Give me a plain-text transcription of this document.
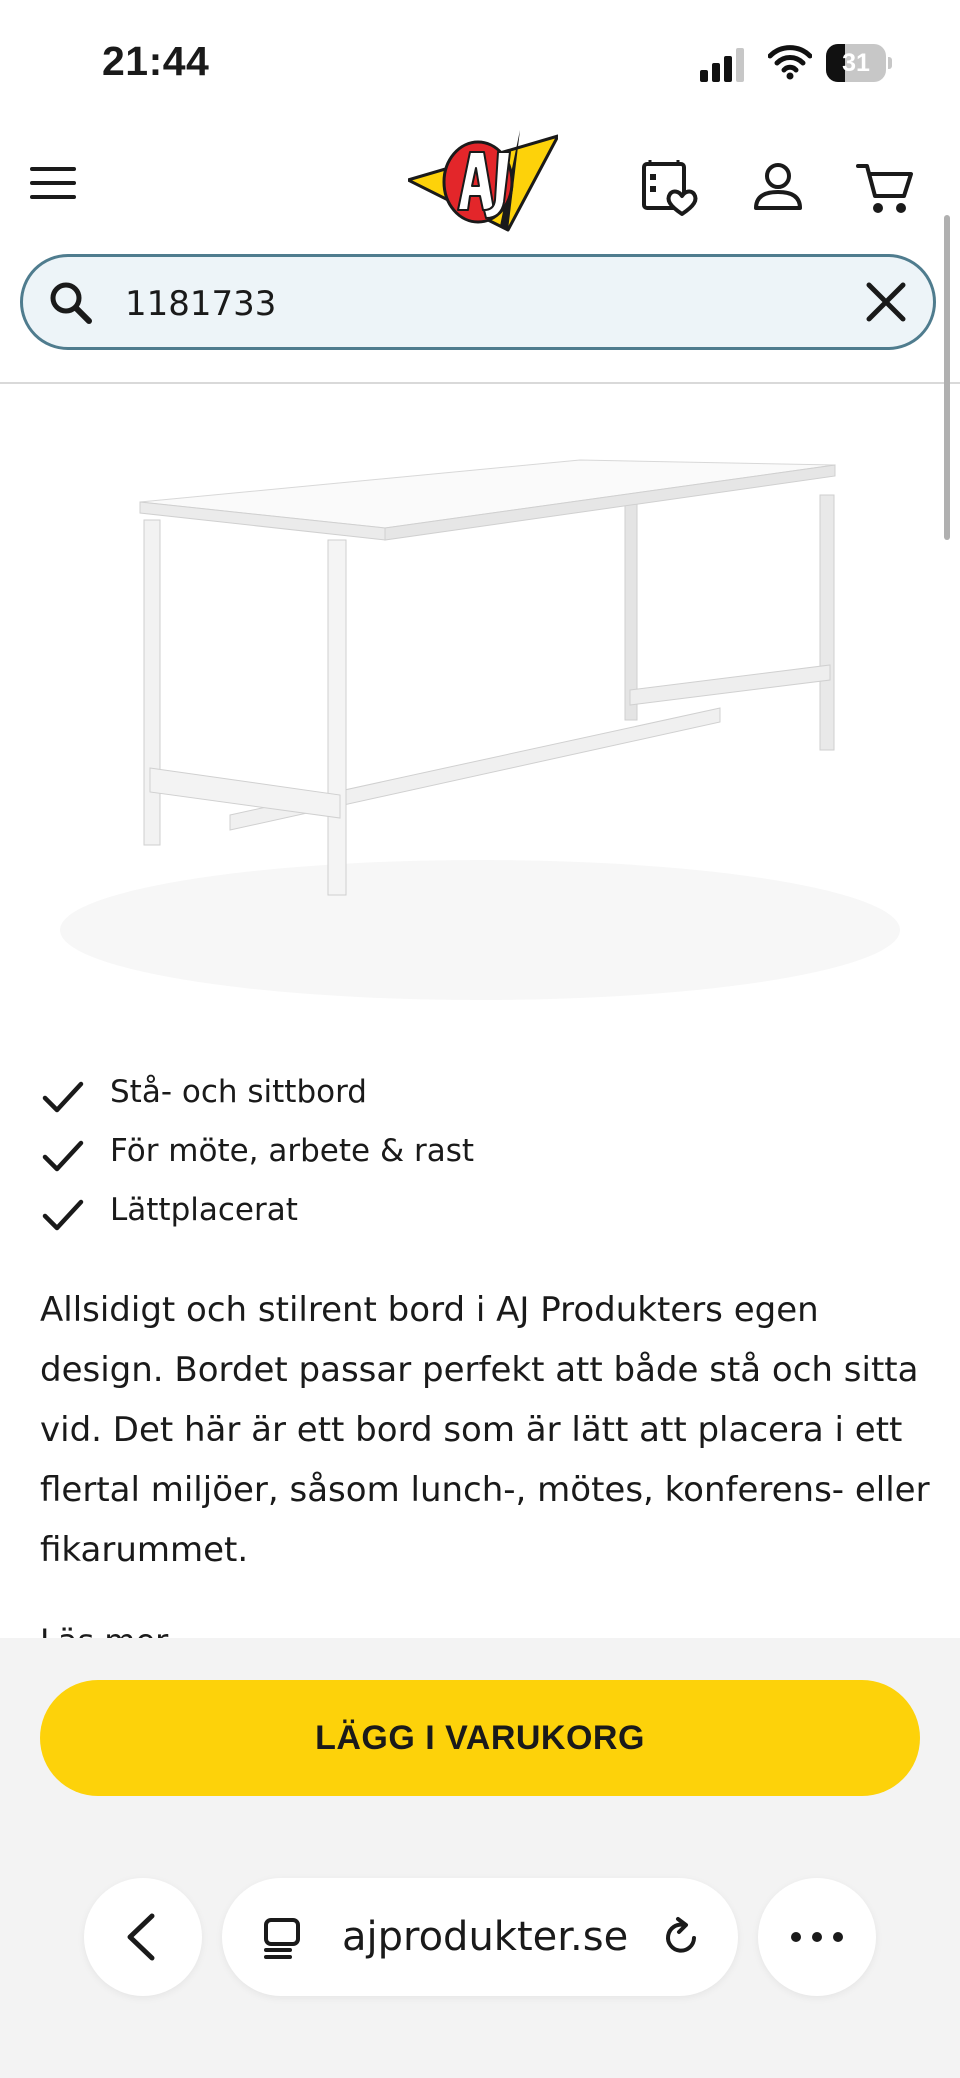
21:44	31
1181733
Stå- och sittbord
För möte, arbete & rast
Lättplacerat

Allsidigt och stilrent bord i AJ Produkters egen design. Bordet passar perfekt att både stå och sitta vid. Det här är ett bord som är lätt att placera i ett flertal miljöer, såsom lunch-, mötes, konferens- eller fikarummet.

LÄGG I VARUKORG
ajprodukter.se
